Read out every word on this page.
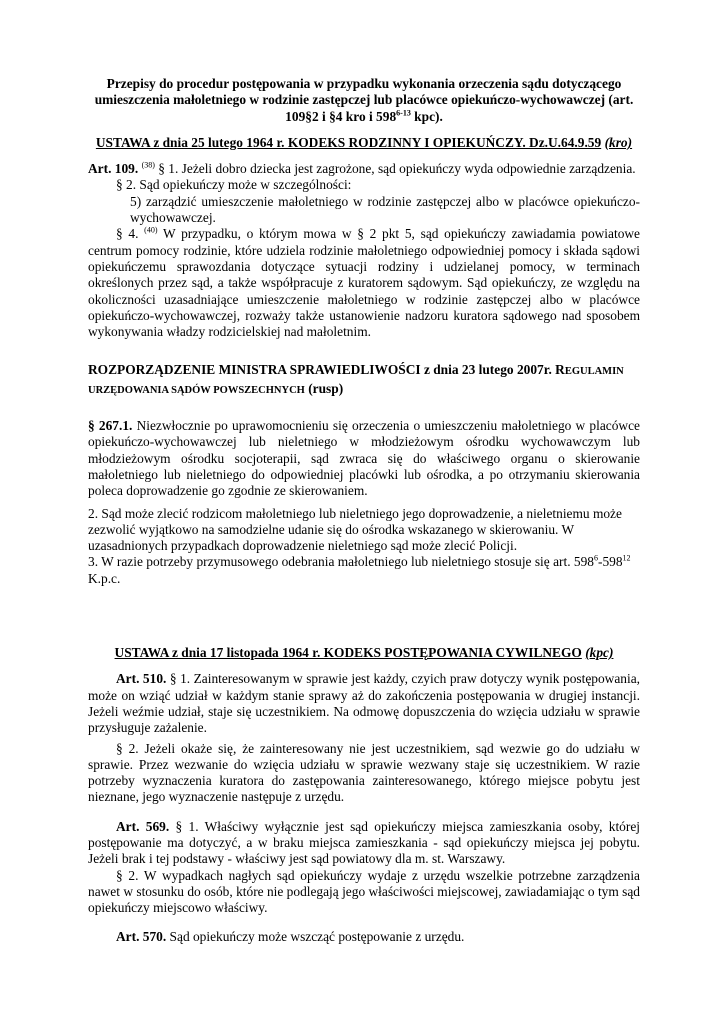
Przepisy do procedur postępowania w przypadku wykonania orzeczenia sądu dotyczącego umieszczenia małoletniego w rodzinie zastępczej lub placówce opiekuńczo-wychowawczej (art. 109§2 i §4 kro i 598$^{6-13}$ kpc).
USTAWA z dnia 25 lutego 1964 r. KODEKS RODZINNY I OPIEKUŃCZY. Dz.U.64.9.59 (kro)

Art. 109. $^{(38)}$ § 1. Jeżeli dobro dziecka jest zagrożone, sąd opiekuńczy wyda odpowiednie zarządzenia.

§ 2. Sąd opiekuńczy może w szczególności:

5) zarządzić umieszczenie małoletniego w rodzinie zastępczej albo w placówce opiekuńczo-wychowawczej.

§ 4. $^{(40)}$ W przypadku, o którym mowa w § 2 pkt 5, sąd opiekuńczy zawiadamia powiatowe centrum pomocy rodzinie, które udziela rodzinie małoletniego odpowiedniej pomocy i składa sądowi opiekuńczemu sprawozdania dotyczące sytuacji rodziny i udzielanej pomocy, w terminach określonych przez sąd, a także współpracuje z kuratorem sądowym. Sąd opiekuńczy, ze względu na okoliczności uzasadniające umieszczenie małoletniego w rodzinie zastępczej albo w placówce opiekuńczo-wychowawczej, rozważy także ustanowienie nadzoru kuratora sądowego nad sposobem wykonywania władzy rodzicielskiej nad małoletnim.

ROZPORZĄDZENIE MINISTRA SPRAWIEDLIWOŚCI z dnia 23 lutego 2007r. REGULAMIN
URZĘDOWANIA SĄDÓW POWSZECHNYCH (rusp)

§ 267.1. Niezwłocznie po uprawomocnieniu się orzeczenia o umieszczeniu małoletniego w placówce opiekuńczo-wychowawczej lub nieletniego w młodzieżowym ośrodku wychowawczym lub młodzieżowym ośrodku socjoterapii, sąd zwraca się do właściwego organu o skierowanie małoletniego lub nieletniego do odpowiedniej placówki lub ośrodka, a po otrzymaniu skierowania poleca doprowadzenie go zgodnie ze skierowaniem.

2. Sąd może zlecić rodzicom małoletniego lub nieletniego jego doprowadzenie, a nieletniemu może zezwolić wyjątkowo na samodzielne udanie się do ośrodka wskazanego w skierowaniu. W uzasadnionych przypadkach doprowadzenie nieletniego sąd może zlecić Policji.

3. W razie potrzeby przymusowego odebrania małoletniego lub nieletniego stosuje się art. $598^6-598^{12}$
K.p.c.

USTAWA z dnia 17 listopada 1964 r. KODEKS POSTĘPOWANIA CYWILNEGO (kpc)

Art. 510. § 1. Zainteresowanym w sprawie jest każdy, czyich praw dotyczy wynik postępowania, może on wziąć udział w każdym stanie sprawy aż do zakończenia postępowania w drugiej instancji. Jeżeli weźmie udział, staje się uczestnikiem. Na odmowę dopuszczenia do wzięcia udziału w sprawie przysługuje zażalenie.

§ 2. Jeżeli okaże się, że zainteresowany nie jest uczestnikiem, sąd wezwie go do udziału w sprawie. Przez wezwanie do wzięcia udziału w sprawie wezwany staje się uczestnikiem. W razie potrzeby wyznaczenia kuratora do zastępowania zainteresowanego, którego miejsce pobytu jest nieznane, jego wyznaczenie następuje z urzędu.

Art. 569. § 1. Właściwy wyłącznie jest sąd opiekuńczy miejsca zamieszkania osoby, której postępowanie ma dotyczyć, a w braku miejsca zamieszkania - sąd opiekuńczy miejsca jej pobytu. Jeżeli brak i tej podstawy - właściwy jest sąd powiatowy dla m. st. Warszawy.

§ 2. W wypadkach nagłych sąd opiekuńczy wydaje z urzędu wszelkie potrzebne zarządzenia nawet w stosunku do osób, które nie podlegają jego właściwości miejscowej, zawiadamiając o tym sąd opiekuńczy miejscowo właściwy.

Art. 570. Sąd opiekuńczy może wszcząć postępowanie z urzędu.
